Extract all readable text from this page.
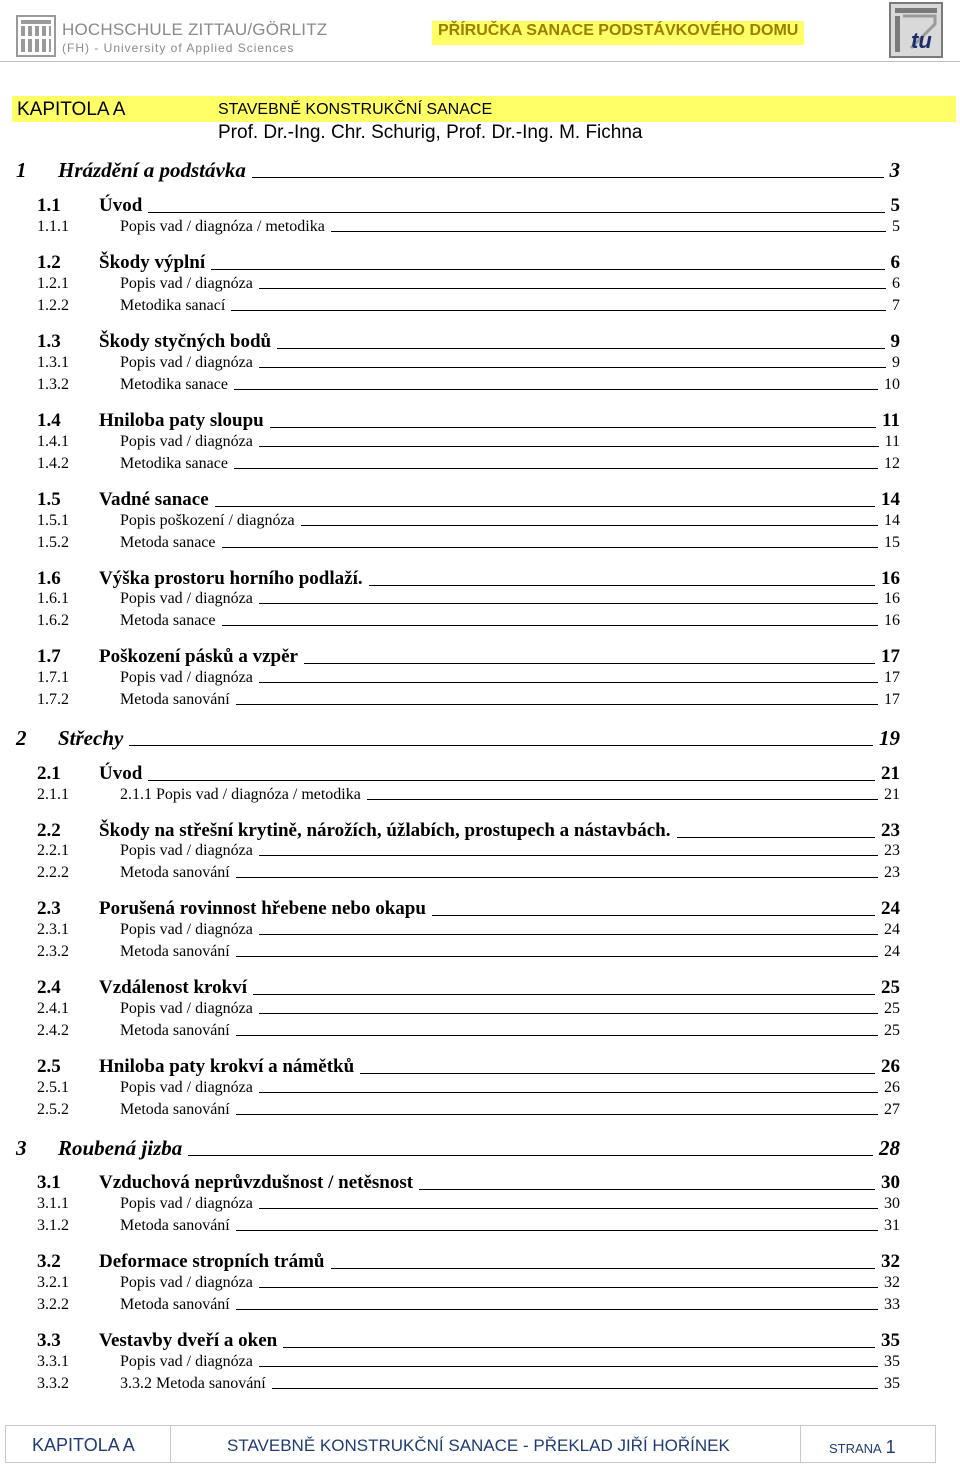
HOCHSCHULE ZITTAU/GÖRLITZ
(FH) - University of Applied Sciences
PŘÍRUČKA SANACE PODSTÁVKOVÉHO DOMU	tu
KAPITOLA A	STAVEBNĚ KONSTRUKČNÍ SANACE
Prof. Dr.-Ing. Chr. Schurig, Prof. Dr.-Ing. M. Fichna
1	Hrázdění a podstávka	3
1.1	Úvod	5
1.1.1	Popis vad / diagnóza / metodika	5
1.2	Škody výplní	6
1.2.1	Popis vad / diagnóza	6
1.2.2	Metodika sanací	7
1.3	Škody styčných bodů	9
1.3.1	Popis vad / diagnóza	9
1.3.2	Metodika sanace	10
1.4	Hniloba paty sloupu	11
1.4.1	Popis vad / diagnóza	11
1.4.2	Metodika sanace	12
1.5	Vadné sanace	14
1.5.1	Popis poškození / diagnóza	14
1.5.2	Metoda sanace	15
1.6	Výška prostoru horního podlaží.	16
1.6.1	Popis vad / diagnóza	16
1.6.2	Metoda sanace	16
1.7	Poškození pásků a vzpěr	17
1.7.1	Popis vad / diagnóza	17
1.7.2	Metoda sanování	17
2	Střechy	19
2.1	Úvod	21
2.1.1	2.1.1 Popis vad / diagnóza / metodika	21
2.2	Škody na střešní krytině, nárožích, úžlabích, prostupech a nástavbách.	23
2.2.1	Popis vad / diagnóza	23
2.2.2	Metoda sanování	23
2.3	Porušená rovinnost hřebene nebo okapu	24
2.3.1	Popis vad / diagnóza	24
2.3.2	Metoda sanování	24
2.4	Vzdálenost krokví	25
2.4.1	Popis vad / diagnóza	25
2.4.2	Metoda sanování	25
2.5	Hniloba paty krokví a námětků	26
2.5.1	Popis vad / diagnóza	26
2.5.2	Metoda sanování	27
3	Roubená jizba	28
3.1	Vzduchová neprůvzdušnost / netěsnost	30
3.1.1	Popis vad / diagnóza	30
3.1.2	Metoda sanování	31
3.2	Deformace stropních trámů	32
3.2.1	Popis vad / diagnóza	32
3.2.2	Metoda sanování	33
3.3	Vestavby dveří a oken	35
3.3.1	Popis vad / diagnóza	35
3.3.2	3.3.2 Metoda sanování	35
KAPITOLA A	STAVEBNĚ KONSTRUKČNÍ SANACE - PŘEKLAD JIŘÍ HOŘÍNEK	STRANA 1
